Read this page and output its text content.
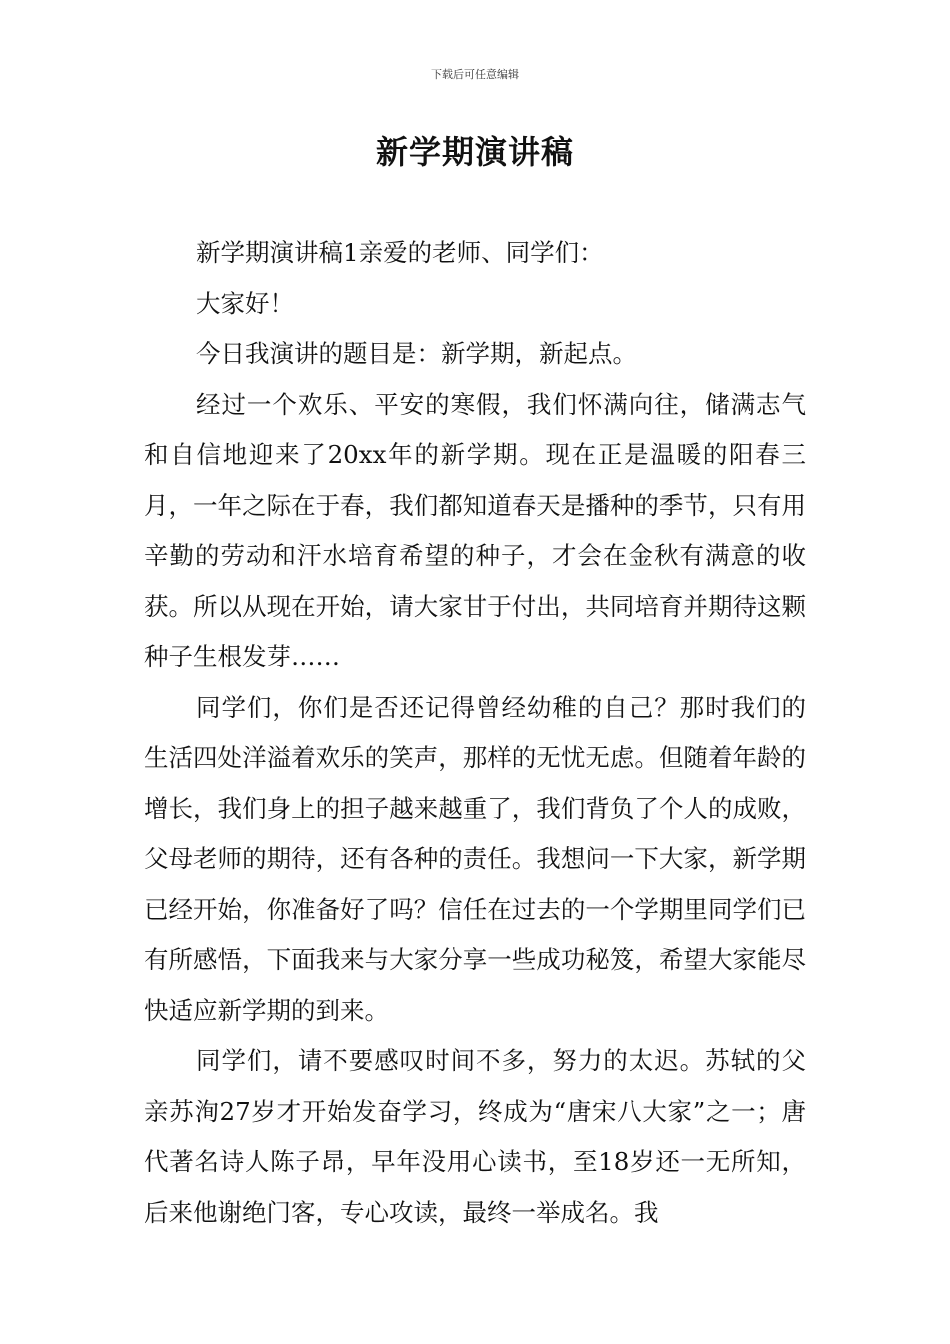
下载后可任意编辑
新学期演讲稿

新学期演讲稿1亲爱的老师、同学们：

大家好！

今日我演讲的题目是：新学期，新起点。

经过一个欢乐、平安的寒假，我们怀满向往，储满志气和自信地迎来了20xx年的新学期。现在正是温暖的阳春三月，一年之际在于春，我们都知道春天是播种的季节，只有用辛勤的劳动和汗水培育希望的种子，才会在金秋有满意的收获。所以从现在开始，请大家甘于付出，共同培育并期待这颗种子生根发芽……

同学们，你们是否还记得曾经幼稚的自己？那时我们的生活四处洋溢着欢乐的笑声，那样的无忧无虑。但随着年龄的增长，我们身上的担子越来越重了，我们背负了个人的成败，父母老师的期待，还有各种的责任。我想问一下大家，新学期已经开始，你准备好了吗？信任在过去的一个学期里同学们已有所感悟，下面我来与大家分享一些成功秘笈，希望大家能尽快适应新学期的到来。

同学们，请不要感叹时间不多，努力的太迟。苏轼的父亲苏洵27岁才开始发奋学习，终成为“唐宋八大家”之一；唐代著名诗人陈子昂，早年没用心读书，至18岁还一无所知，后来他谢绝门客，专心攻读，最终一举成名。我
